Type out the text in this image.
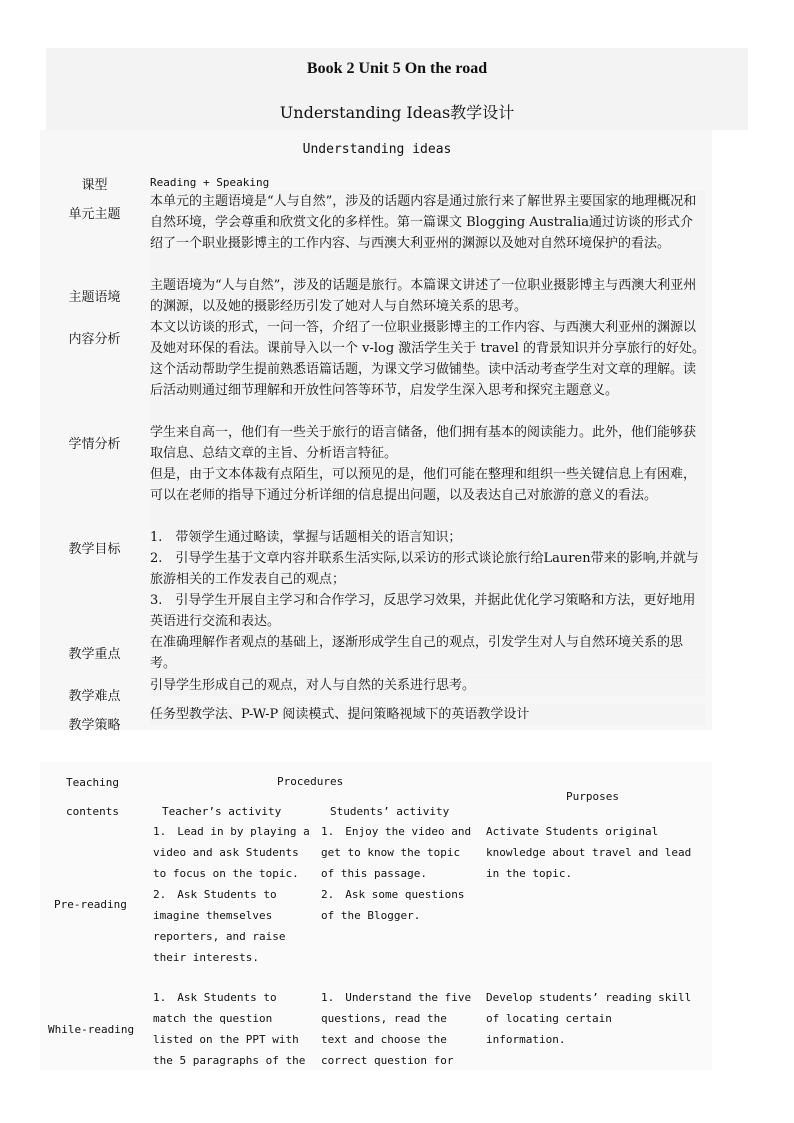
Book 2 Unit 5 On the road
Understanding Ideas教学设计
Understanding ideas
课型	Reading + Speaking

单元主题

本单元的主题语境是“人与自然”，涉及的话题内容是通过旅行来了解世界主要国家的地理概况和自然环境，学会尊重和欣赏文化的多样性。第一篇课文 Blogging Australia通过访谈的形式介绍了一个职业摄影博主的工作内容、与西澳大利亚州的渊源以及她对自然环境保护的看法。

主题语境

主题语境为“人与自然”，涉及的话题是旅行。本篇课文讲述了一位职业摄影博主与西澳大利亚州的渊源，以及她的摄影经历引发了她对人与自然环境关系的思考。

内容分析

本文以访谈的形式，一问一答，介绍了一位职业摄影博主的工作内容、与西澳大利亚州的渊源以及她对环保的看法。课前导入以一个 v-log 激活学生关于 travel 的背景知识并分享旅行的好处。这个活动帮助学生提前熟悉语篇话题，为课文学习做铺垫。读中活动考查学生对文章的理解。读后活动则通过细节理解和开放性问答等环节，启发学生深入思考和探究主题意义。

学情分析

学生来自高一，他们有一些关于旅行的语言储备，他们拥有基本的阅读能力。此外，他们能够获取信息、总结文章的主旨、分析语言特征。

但是，由于文本体裁有点陌生，可以预见的是，他们可能在整理和组织一些关键信息上有困难，可以在老师的指导下通过分析详细的信息提出问题，以及表达自己对旅游的意义的看法。

教学目标

1.　带领学生通过略读，掌握与话题相关的语言知识；

2.　引导学生基于文章内容并联系生活实际,以采访的形式谈论旅行给Lauren带来的影响,并就与旅游相关的工作发表自己的观点；

3.　引导学生开展自主学习和合作学习，反思学习效果，并据此优化学习策略和方法，更好地用英语进行交流和表达。

教学重点

在准确理解作者观点的基础上，逐渐形成学生自己的观点，引发学生对人与自然环境关系的思考。

教学难点

引导学生形成自己的观点，对人与自然的关系进行思考。

教学策略

任务型教学法、P-W-P 阅读模式、提问策略视域下的英语教学设计

Teaching
contents
Procedures
Teacher’s activity	Students’ activity
Purposes
Pre-reading

1.　Lead in by playing a video and ask Students to focus on the topic.

2.　Ask Students to imagine themselves reporters, and raise their interests.

1.　Enjoy the video and get to know the topic of this passage.

2.　Ask some questions of the Blogger.

Activate Students original knowledge about travel and lead in the topic.

While-reading

1.　Ask Students to match the question listed on the PPT with the 5 paragraphs of the

1.　Understand the five questions, read the text and choose the correct question for

Develop students’ reading skill of locating certain information.
